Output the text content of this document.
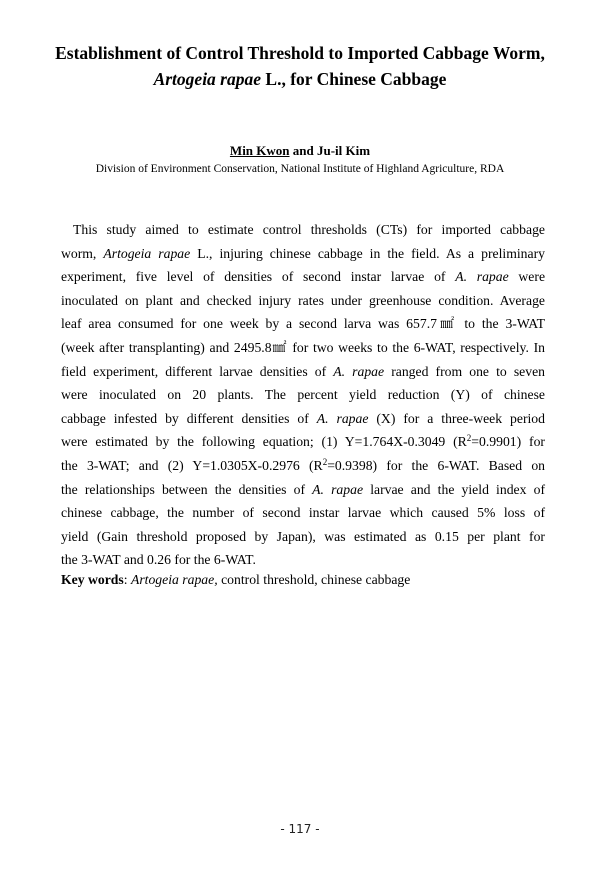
Establishment of Control Threshold to Imported Cabbage Worm,
Artogeia rapae L., for Chinese Cabbage
Min Kwon and Ju-il Kim
Division of Environment Conservation, National Institute of Highland Agriculture, RDA
This study aimed to estimate control thresholds (CTs) for imported cabbage
worm, Artogeia rapae L., injuring chinese cabbage in the field. As a preliminary
experiment, five level of densities of second instar larvae of A. rapae were
inoculated on plant and checked injury rates under greenhouse condition. Average
leaf area consumed for one week by a second larva was 657.7㎟ to the 3-WAT
(week after transplanting) and 2495.8㎟ for two weeks to the 6-WAT, respectively. In
field experiment, different larvae densities of A. rapae ranged from one to seven
were inoculated on 20 plants. The percent yield reduction (Y) of chinese
cabbage infested by different densities of A. rapae (X) for a three-week period
were estimated by the following equation; (1) Y=1.764X-0.3049 $(R^2=0.9901)$ for
the 3-WAT; and (2) Y=1.0305X-0.2976 $(R^2=0.9398)$ for the 6-WAT. Based on
the relationships between the densities of A. rapae larvae and the yield index of
chinese cabbage, the number of second instar larvae which caused 5% loss of
yield (Gain threshold proposed by Japan), was estimated as 0.15 per plant for
the 3-WAT and 0.26 for the 6-WAT.
Key words: Artogeia rapae, control threshold, chinese cabbage
- 117 -
